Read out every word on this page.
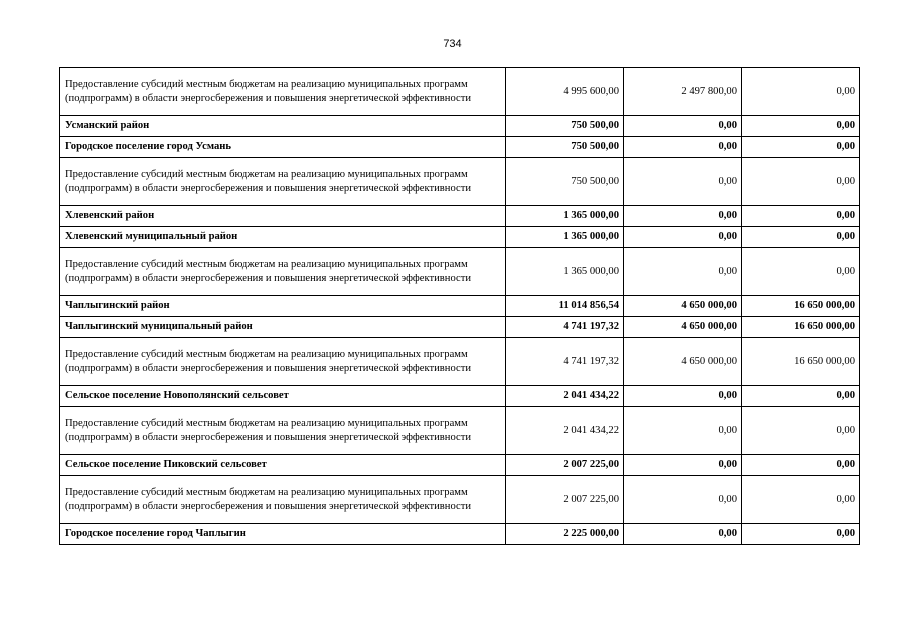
734
Предоставление субсидий местным бюджетам на реализацию муниципальных программ (подпрограмм) в области энергосбережения и повышения энергетической эффективности	4 995 600,00	2 497 800,00	0,00
Усманский район	750 500,00	0,00	0,00
Городское поселение город Усмань	750 500,00	0,00	0,00
Предоставление субсидий местным бюджетам на реализацию муниципальных программ (подпрограмм) в области энергосбережения и повышения энергетической эффективности	750 500,00	0,00	0,00
Хлевенский район	1 365 000,00	0,00	0,00
Хлевенский муниципальный район	1 365 000,00	0,00	0,00
Предоставление субсидий местным бюджетам на реализацию муниципальных программ (подпрограмм) в области энергосбережения и повышения энергетической эффективности	1 365 000,00	0,00	0,00
Чаплыгинский район	11 014 856,54	4 650 000,00	16 650 000,00
Чаплыгинский муниципальный район	4 741 197,32	4 650 000,00	16 650 000,00
Предоставление субсидий местным бюджетам на реализацию муниципальных программ (подпрограмм) в области энергосбережения и повышения энергетической эффективности	4 741 197,32	4 650 000,00	16 650 000,00
Сельское поселение Новополянский сельсовет	2 041 434,22	0,00	0,00
Предоставление субсидий местным бюджетам на реализацию муниципальных программ (подпрограмм) в области энергосбережения и повышения энергетической эффективности	2 041 434,22	0,00	0,00
Сельское поселение Пиковский сельсовет	2 007 225,00	0,00	0,00
Предоставление субсидий местным бюджетам на реализацию муниципальных программ (подпрограмм) в области энергосбережения и повышения энергетической эффективности	2 007 225,00	0,00	0,00
Городское поселение город Чаплыгин	2 225 000,00	0,00	0,00
